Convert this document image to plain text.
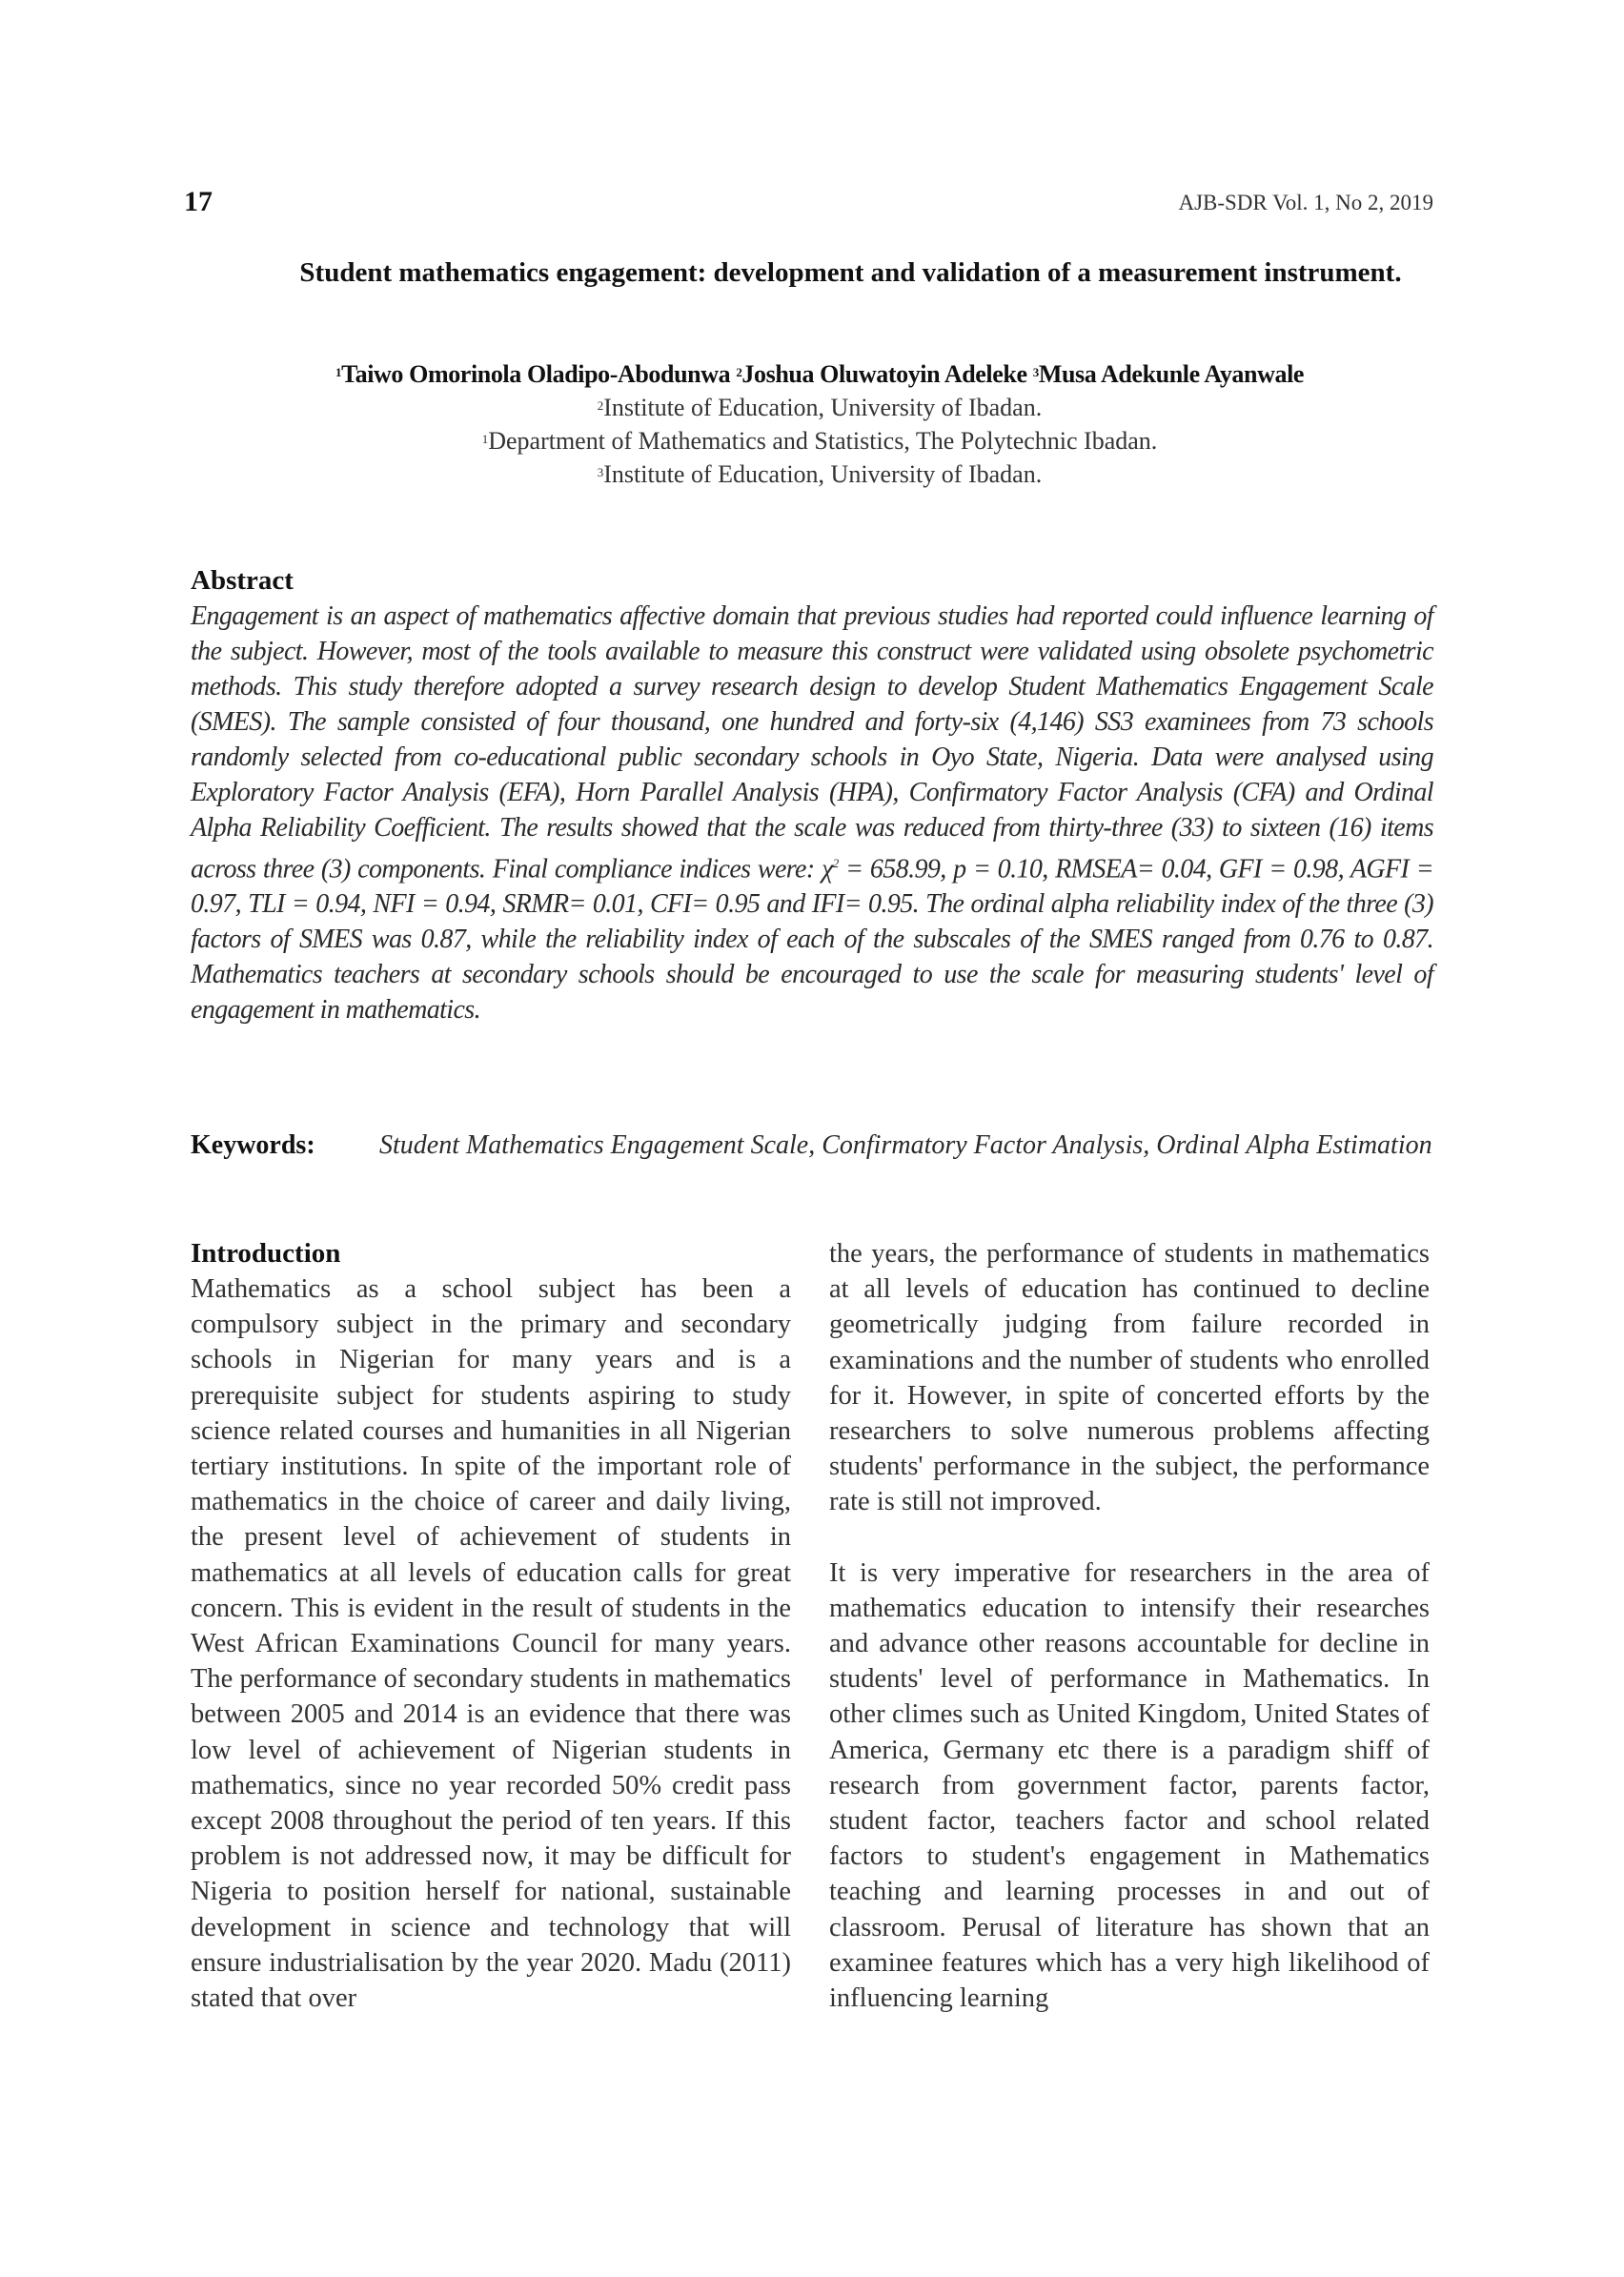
17	AJB-SDR Vol. 1, No 2, 2019
Student mathematics engagement: development and validation of a measurement instrument.
$^1$Taiwo Omorinola Oladipo-Abodunwa $^2$Joshua Oluwatoyin Adeleke $^3$Musa Adekunle Ayanwale
$^2$Institute of Education, University of Ibadan.
$^1$Department of Mathematics and Statistics, The Polytechnic Ibadan.
$^3$Institute of Education, University of Ibadan.
Abstract

Engagement is an aspect of mathematics affective domain that previous studies had reported could influence learning of the subject. However, most of the tools available to measure this construct were validated using obsolete psychometric methods. This study therefore adopted a survey research design to develop Student Mathematics Engagement Scale (SMES). The sample consisted of four thousand, one hundred and forty-six (4,146) SS3 examinees from 73 schools randomly selected from co-educational public secondary schools in Oyo State, Nigeria. Data were analysed using Exploratory Factor Analysis (EFA), Horn Parallel Analysis (HPA), Confirmatory Factor Analysis (CFA) and Ordinal Alpha Reliability Coefficient. The results showed that the scale was reduced from thirty-three (33) to sixteen (16) items across three (3) components. Final compliance indices were: $\chi^2 = 658.99$, p = 0.10, RMSEA= 0.04, GFI = 0.98, AGFI = 0.97, TLI = 0.94, NFI = 0.94, SRMR= 0.01, CFI= 0.95 and IFI= 0.95. The ordinal alpha reliability index of the three (3) factors of SMES was 0.87, while the reliability index of each of the subscales of the SMES ranged from 0.76 to 0.87. Mathematics teachers at secondary schools should be encouraged to use the scale for measuring students' level of engagement in mathematics.

Keywords:	Student Mathematics Engagement Scale, Confirmatory Factor Analysis, Ordinal Alpha Estimation
Introduction

Mathematics as a school subject has been a compulsory subject in the primary and secondary schools in Nigerian for many years and is a prerequisite subject for students aspiring to study science related courses and humanities in all Nigerian tertiary institutions. In spite of the important role of mathematics in the choice of career and daily living, the present level of achievement of students in mathematics at all levels of education calls for great concern. This is evident in the result of students in the West African Examinations Council for many years. The performance of secondary students in mathematics between 2005 and 2014 is an evidence that there was low level of achievement of Nigerian students in mathematics, since no year recorded 50% credit pass except 2008 throughout the period of ten years. If this problem is not addressed now, it may be difficult for Nigeria to position herself for national, sustainable development in science and technology that will ensure industrialisation by the year 2020. Madu (2011) stated that over

the years, the performance of students in mathematics at all levels of education has continued to decline geometrically judging from failure recorded in examinations and the number of students who enrolled for it. However, in spite of concerted efforts by the researchers to solve numerous problems affecting students' performance in the subject, the performance rate is still not improved.

It is very imperative for researchers in the area of mathematics education to intensify their researches and advance other reasons accountable for decline in students' level of performance in Mathematics. In other climes such as United Kingdom, United States of America, Germany etc there is a paradigm shiff of research from government factor, parents factor, student factor, teachers factor and school related factors to student's engagement in Mathematics teaching and learning processes in and out of classroom. Perusal of literature has shown that an examinee features which has a very high likelihood of influencing learning
